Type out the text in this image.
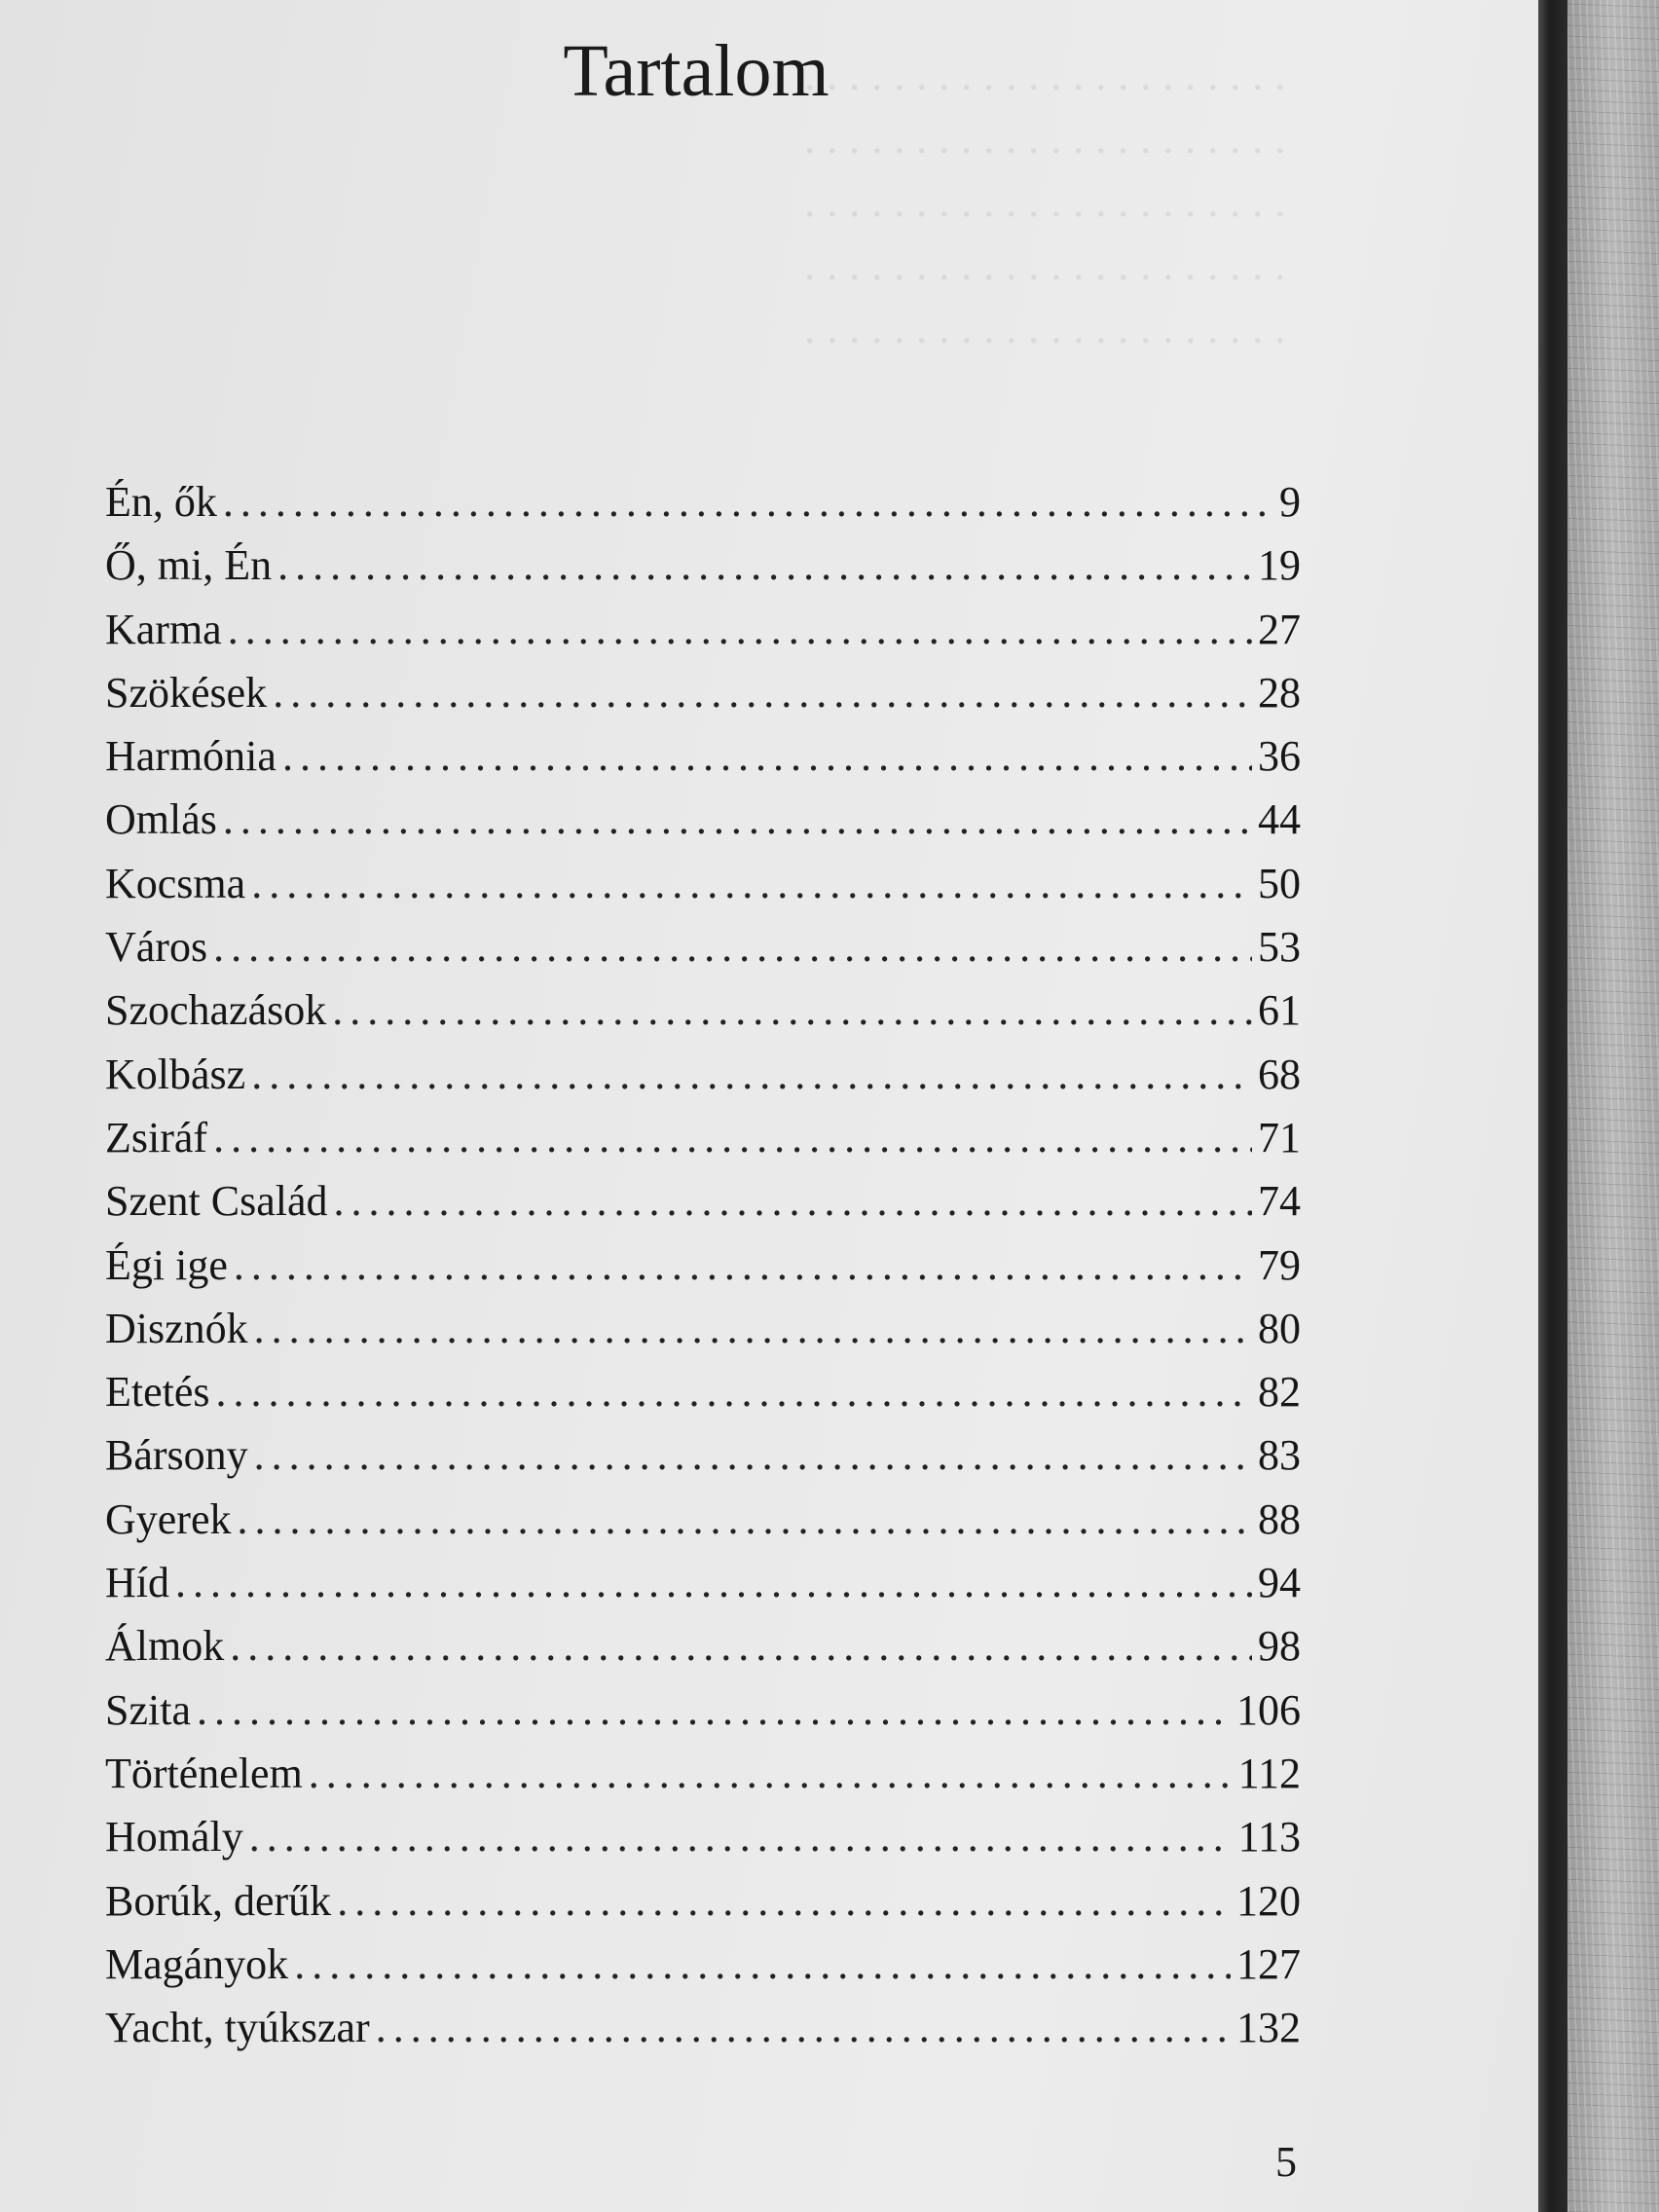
. . . . . . . . . . . . . . . . . . . . . .
. . . . . . . . . . . . . . . . . . . . . .
. . . . . . . . . . . . . . . . . . . . . .
. . . . . . . . . . . . . . . . . . . . . .
. . . . . . . . . . . . . . . . . . . . . .
Tartalom
Én, ők . . .	9
Ő, mi, Én . . .	19
Karma . . .	27
Szökések . . .	28
Harmónia . . .	36
Omlás . . .	44
Kocsma . . .	50
Város . . .	53
Szochazások . . .	61
Kolbász . . .	68
Zsiráf . . .	71
Szent Család . . .	74
Égi ige . . .	79
Disznók . . .	80
Etetés . . .	82
Bársony . . .	83
Gyerek . . .	88
Híd . . .	94
Álmok . . .	98
Szita . . .	106
Történelem . . .	112
Homály . . .	113
Borúk, derűk . . .	120
Magányok . . .	127
Yacht, tyúkszar . . .	132
5
